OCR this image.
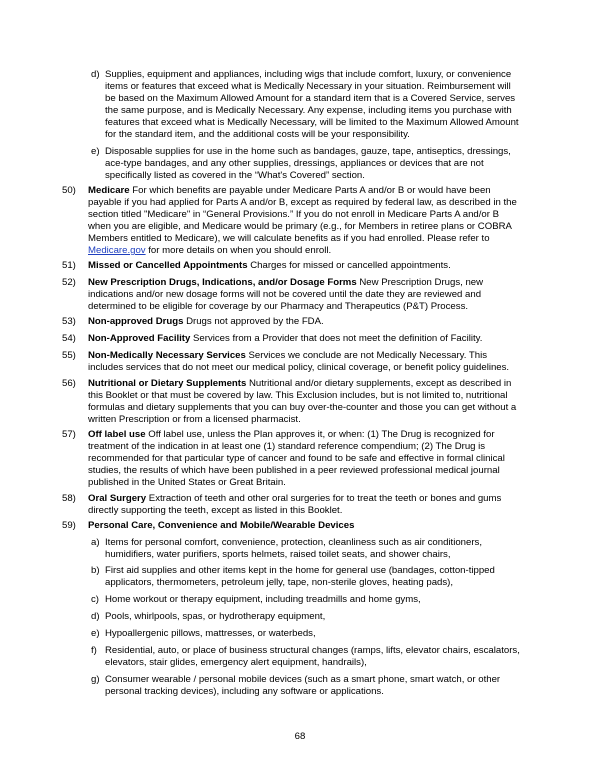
d) Supplies, equipment and appliances, including wigs that include comfort, luxury, or convenience
items or features that exceed what is Medically Necessary in your situation. Reimbursement will
be based on the Maximum Allowed Amount for a standard item that is a Covered Service, serves
the same purpose, and is Medically Necessary. Any expense, including items you purchase with
features that exceed what is Medically Necessary, will be limited to the Maximum Allowed Amount
for the standard item, and the additional costs will be your responsibility.
e) Disposable supplies for use in the home such as bandages, gauze, tape, antiseptics, dressings,
ace-type bandages, and any other supplies, dressings, appliances or devices that are not
specifically listed as covered in the “What's Covered” section.
50) Medicare For which benefits are payable under Medicare Parts A and/or B or would have been
payable if you had applied for Parts A and/or B, except as required by federal law, as described in the
section titled "Medicare" in “General Provisions.” If you do not enroll in Medicare Parts A and/or B
when you are eligible, and Medicare would be primary (e.g., for Members in retiree plans or COBRA
Members entitled to Medicare), we will calculate benefits as if you had enrolled. Please refer to
Medicare.gov for more details on when you should enroll.
51) Missed or Cancelled Appointments Charges for missed or cancelled appointments.
52) New Prescription Drugs, Indications, and/or Dosage Forms New Prescription Drugs, new
indications and/or new dosage forms will not be covered until the date they are reviewed and
determined to be eligible for coverage by our Pharmacy and Therapeutics (P&T) Process.
53) Non-approved Drugs Drugs not approved by the FDA.
54) Non-Approved Facility Services from a Provider that does not meet the definition of Facility.
55) Non-Medically Necessary Services Services we conclude are not Medically Necessary. This
includes services that do not meet our medical policy, clinical coverage, or benefit policy guidelines.
56) Nutritional or Dietary Supplements Nutritional and/or dietary supplements, except as described in
this Booklet or that must be covered by law. This Exclusion includes, but is not limited to, nutritional
formulas and dietary supplements that you can buy over-the-counter and those you can get without a
written Prescription or from a licensed pharmacist.
57) Off label use Off label use, unless the Plan approves it, or when: (1) The Drug is recognized for
treatment of the indication in at least one (1) standard reference compendium; (2) The Drug is
recommended for that particular type of cancer and found to be safe and effective in formal clinical
studies, the results of which have been published in a peer reviewed professional medical journal
published in the United States or Great Britain.
58) Oral Surgery Extraction of teeth and other oral surgeries for to treat the teeth or bones and gums
directly supporting the teeth, except as listed in this Booklet.
59) Personal Care, Convenience and Mobile/Wearable Devices
a) Items for personal comfort, convenience, protection, cleanliness such as air conditioners,
humidifiers, water purifiers, sports helmets, raised toilet seats, and shower chairs,
b) First aid supplies and other items kept in the home for general use (bandages, cotton-tipped
applicators, thermometers, petroleum jelly, tape, non-sterile gloves, heating pads),
c) Home workout or therapy equipment, including treadmills and home gyms,
d) Pools, whirlpools, spas, or hydrotherapy equipment,
e) Hypoallergenic pillows, mattresses, or waterbeds,
f) Residential, auto, or place of business structural changes (ramps, lifts, elevator chairs, escalators,
elevators, stair glides, emergency alert equipment, handrails),
g) Consumer wearable / personal mobile devices (such as a smart phone, smart watch, or other
personal tracking devices), including any software or applications.
68
